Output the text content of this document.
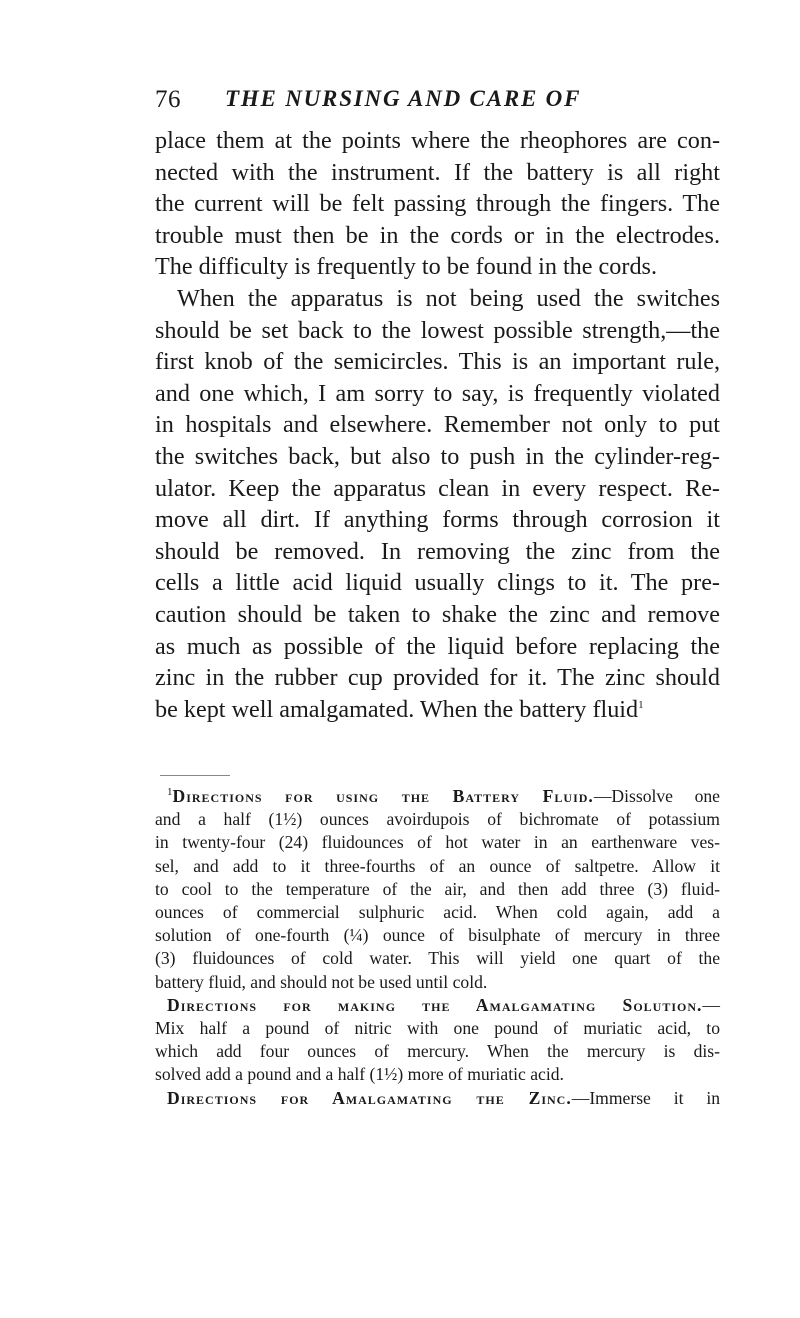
76 THE NURSING AND CARE OF
place them at the points where the rheophores are con-
nected with the instrument. If the battery is all right
the current will be felt passing through the fingers. The
trouble must then be in the cords or in the electrodes.
The difficulty is frequently to be found in the cords.
When the apparatus is not being used the switches
should be set back to the lowest possible strength,—the
first knob of the semicircles. This is an important rule,
and one which, I am sorry to say, is frequently violated
in hospitals and elsewhere. Remember not only to put
the switches back, but also to push in the cylinder-reg-
ulator. Keep the apparatus clean in every respect. Re-
move all dirt. If anything forms through corrosion it
should be removed. In removing the zinc from the
cells a little acid liquid usually clings to it. The pre-
caution should be taken to shake the zinc and remove
as much as possible of the liquid before replacing the
zinc in the rubber cup provided for it. The zinc should
be kept well amalgamated. When the battery fluid$^1$
$^1$Directions for using the Battery Fluid.—Dissolve one
and a half (1½) ounces avoirdupois of bichromate of potassium
in twenty-four (24) fluidounces of hot water in an earthenware ves-
sel, and add to it three-fourths of an ounce of saltpetre. Allow it
to cool to the temperature of the air, and then add three (3) fluid-
ounces of commercial sulphuric acid. When cold again, add a
solution of one-fourth (¼) ounce of bisulphate of mercury in three
(3) fluidounces of cold water. This will yield one quart of the
battery fluid, and should not be used until cold.
Directions for making the Amalgamating Solution.—
Mix half a pound of nitric with one pound of muriatic acid, to
which add four ounces of mercury. When the mercury is dis-
solved add a pound and a half (1½) more of muriatic acid.
Directions for Amalgamating the Zinc.—Immerse it in
